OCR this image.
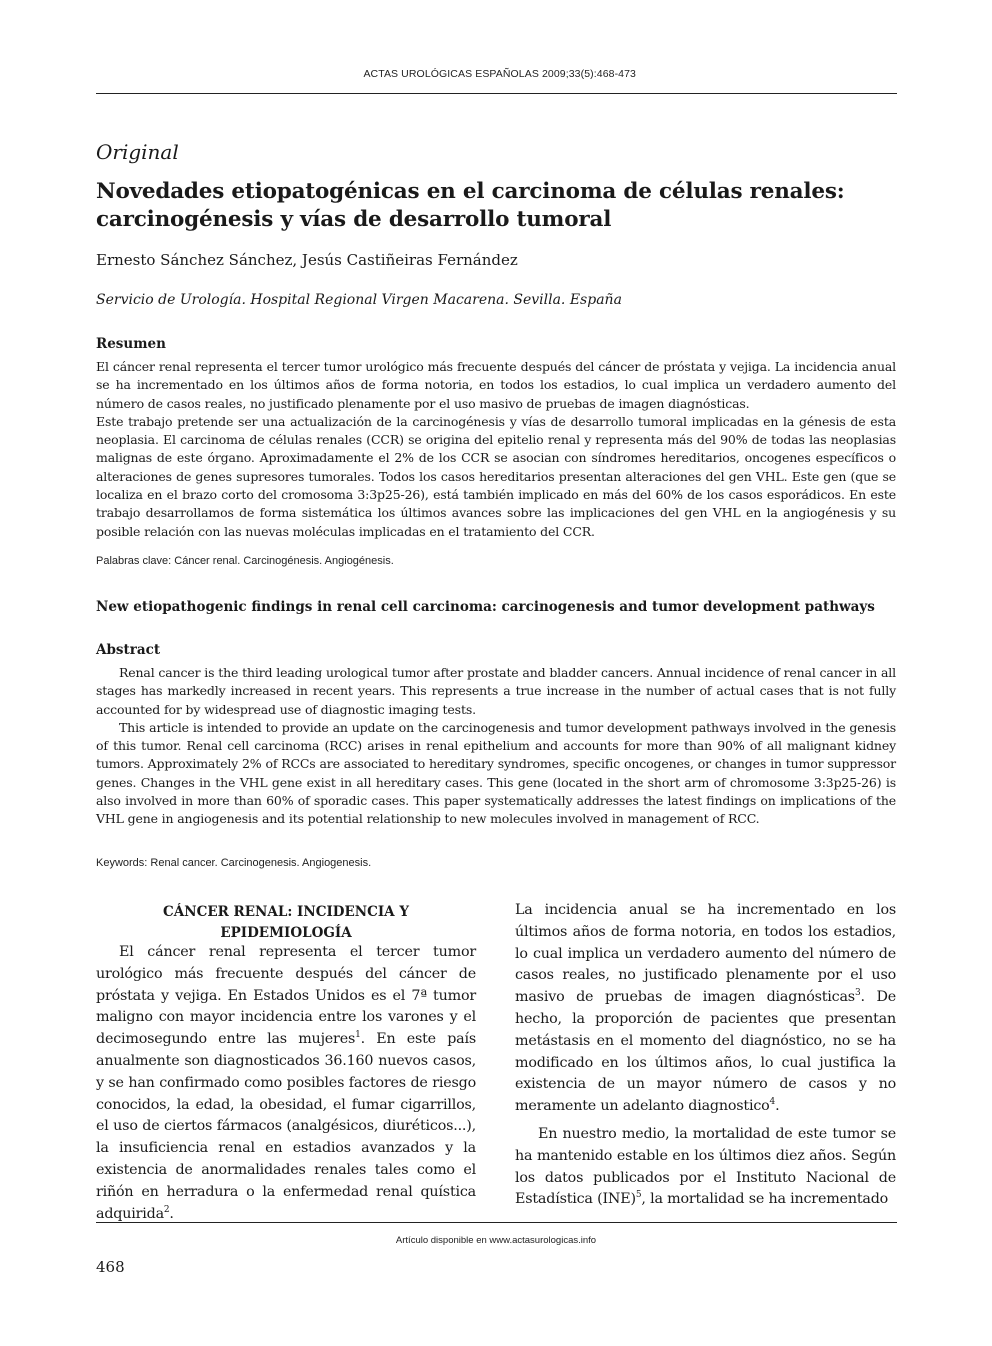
ACTAS UROLÓGICAS ESPAÑOLAS 2009;33(5):468-473
Original
Novedades etiopatogénicas en el carcinoma de células renales: carcinogénesis y vías de desarrollo tumoral
Ernesto Sánchez Sánchez, Jesús Castiñeiras Fernández
Servicio de Urología. Hospital Regional Virgen Macarena. Sevilla. España
Resumen

El cáncer renal representa el tercer tumor urológico más frecuente después del cáncer de próstata y vejiga. La incidencia anual se ha incrementado en los últimos años de forma notoria, en todos los estadios, lo cual implica un verdadero aumento del número de casos reales, no justificado plenamente por el uso masivo de pruebas de imagen diagnósticas.

Este trabajo pretende ser una actualización de la carcinogénesis y vías de desarrollo tumoral implicadas en la génesis de esta neoplasia. El carcinoma de células renales (CCR) se origina del epitelio renal y representa más del 90% de todas las neoplasias malignas de este órgano. Aproximadamente el 2% de los CCR se asocian con síndromes hereditarios, oncogenes específicos o alteraciones de genes supresores tumorales. Todos los casos hereditarios presentan alteraciones del gen VHL. Este gen (que se localiza en el brazo corto del cromosoma 3:3p25-26), está también implicado en más del 60% de los casos esporádicos. En este trabajo desarrollamos de forma sistemática los últimos avances sobre las implicaciones del gen VHL en la angiogénesis y su posible relación con las nuevas moléculas implicadas en el tratamiento del CCR.

Palabras clave: Cáncer renal. Carcinogénesis. Angiogénesis.
New etiopathogenic findings in renal cell carcinoma: carcinogenesis and tumor development pathways
Abstract

Renal cancer is the third leading urological tumor after prostate and bladder cancers. Annual incidence of renal cancer in all stages has markedly increased in recent years. This represents a true increase in the number of actual cases that is not fully accounted for by widespread use of diagnostic imaging tests.

This article is intended to provide an update on the carcinogenesis and tumor development pathways involved in the genesis of this tumor. Renal cell carcinoma (RCC) arises in renal epithelium and accounts for more than 90% of all malignant kidney tumors. Approximately 2% of RCCs are associated to hereditary syndromes, specific oncogenes, or changes in tumor suppressor genes. Changes in the VHL gene exist in all hereditary cases. This gene (located in the short arm of chromosome 3:3p25-26) is also involved in more than 60% of sporadic cases. This paper systematically addresses the latest findings on implications of the VHL gene in angiogenesis and its potential relationship to new molecules involved in management of RCC.

Keywords: Renal cancer. Carcinogenesis. Angiogenesis.
CÁNCER RENAL: INCIDENCIA Y
EPIDEMIOLOGÍA

El cáncer renal representa el tercer tumor urológico más frecuente después del cáncer de próstata y vejiga. En Estados Unidos es el 7ª tumor maligno con mayor incidencia entre los varones y el decimosegundo entre las mujeres$^1$. En este país anualmente son diagnosticados 36.160 nuevos casos, y se han confirmado como posibles factores de riesgo conocidos, la edad, la obesidad, el fumar cigarrillos, el uso de ciertos fármacos (analgésicos, diuréticos...), la insuficiencia renal en estadios avanzados y la existencia de anormalidades renales tales como el riñón en herradura o la enfermedad renal quística adquirida$^2$.

La incidencia anual se ha incrementado en los últimos años de forma notoria, en todos los estadios, lo cual implica un verdadero aumento del número de casos reales, no justificado plenamente por el uso masivo de pruebas de imagen diagnósticas$^3$. De hecho, la proporción de pacientes que presentan metástasis en el momento del diagnóstico, no se ha modificado en los últimos años, lo cual justifica la existencia de un mayor número de casos y no meramente un adelanto diagnostico$^4$.

En nuestro medio, la mortalidad de este tumor se ha mantenido estable en los últimos diez años. Según los datos publicados por el Instituto Nacional de Estadística (INE)$^5$, la mortalidad se ha incrementado

Artículo disponible en www.actasurologicas.info
468
